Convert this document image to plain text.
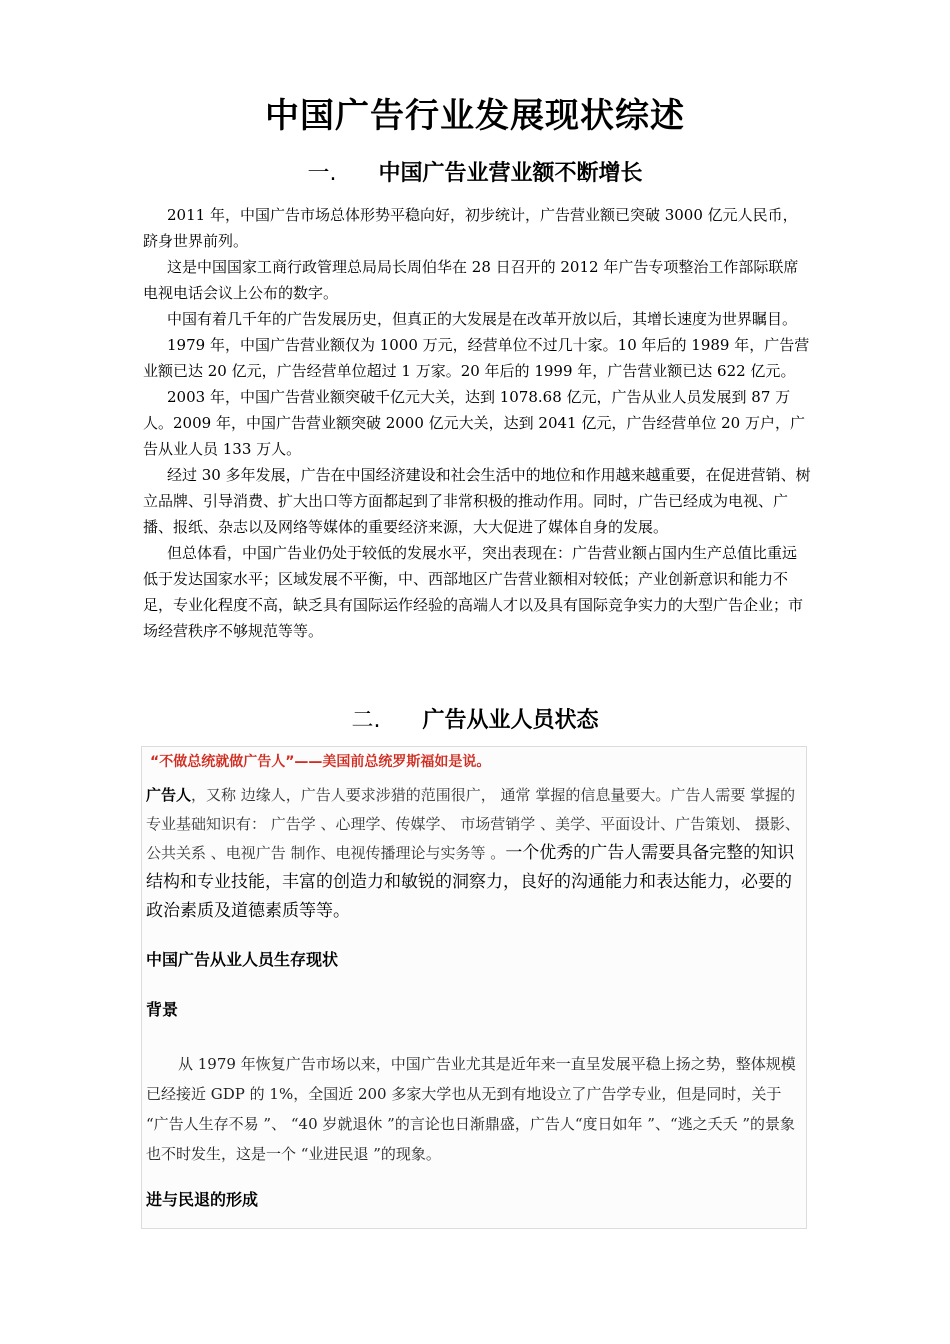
中国广告行业发展现状综述
一. 中国广告业营业额不断增长

2011 年，中国广告市场总体形势平稳向好，初步统计，广告营业额已突破 3000 亿元人民币，跻身世界前列。

这是中国国家工商行政管理总局局长周伯华在 28 日召开的 2012 年广告专项整治工作部际联席电视电话会议上公布的数字。

中国有着几千年的广告发展历史，但真正的大发展是在改革开放以后，其增长速度为世界瞩目。

1979 年，中国广告营业额仅为 1000 万元，经营单位不过几十家。10 年后的 1989 年，广告营业额已达 20 亿元，广告经营单位超过 1 万家。20 年后的 1999 年，广告营业额已达 622 亿元。

2003 年，中国广告营业额突破千亿元大关，达到 1078.68 亿元，广告从业人员发展到 87 万人。2009 年，中国广告营业额突破 2000 亿元大关，达到 2041 亿元，广告经营单位 20 万户，广告从业人员 133 万人。

经过 30 多年发展，广告在中国经济建设和社会生活中的地位和作用越来越重要，在促进营销、树立品牌、引导消费、扩大出口等方面都起到了非常积极的推动作用。同时，广告已经成为电视、广播、报纸、杂志以及网络等媒体的重要经济来源，大大促进了媒体自身的发展。

但总体看，中国广告业仍处于较低的发展水平，突出表现在：广告营业额占国内生产总值比重远低于发达国家水平；区域发展不平衡，中、西部地区广告营业额相对较低；产业创新意识和能力不足，专业化程度不高，缺乏具有国际运作经验的高端人才以及具有国际竞争实力的大型广告企业；市场经营秩序不够规范等等。

二. 广告从业人员状态

“不做总统就做广告人”——美国前总统罗斯福如是说。

广告人，又称 边缘人，广告人要求涉猎的范围很广， 通常 掌握的信息量要大。广告人需要 掌握的专业基础知识有： 广告学 、心理学、传媒学、 市场营销学 、美学、平面设计、广告策划、 摄影、公共关系 、电视广告 制作、电视传播理论与实务等 。一个优秀的广告人需要具备完整的知识结构和专业技能，丰富的创造力和敏锐的洞察力，良好的沟通能力和表达能力，必要的政治素质及道德素质等等。

中国广告从业人员生存现状
背景

从 1979 年恢复广告市场以来，中国广告业尤其是近年来一直呈发展平稳上扬之势，整体规模已经接近 GDP 的 1%，全国近 200 多家大学也从无到有地设立了广告学专业，但是同时，关于 “广告人生存不易 ”、 “40 岁就退休 ”的言论也日渐鼎盛，广告人“度日如年 ”、“逃之夭夭 ”的景象也不时发生，这是一个 “业进民退 ”的现象。

进与民退的形成
